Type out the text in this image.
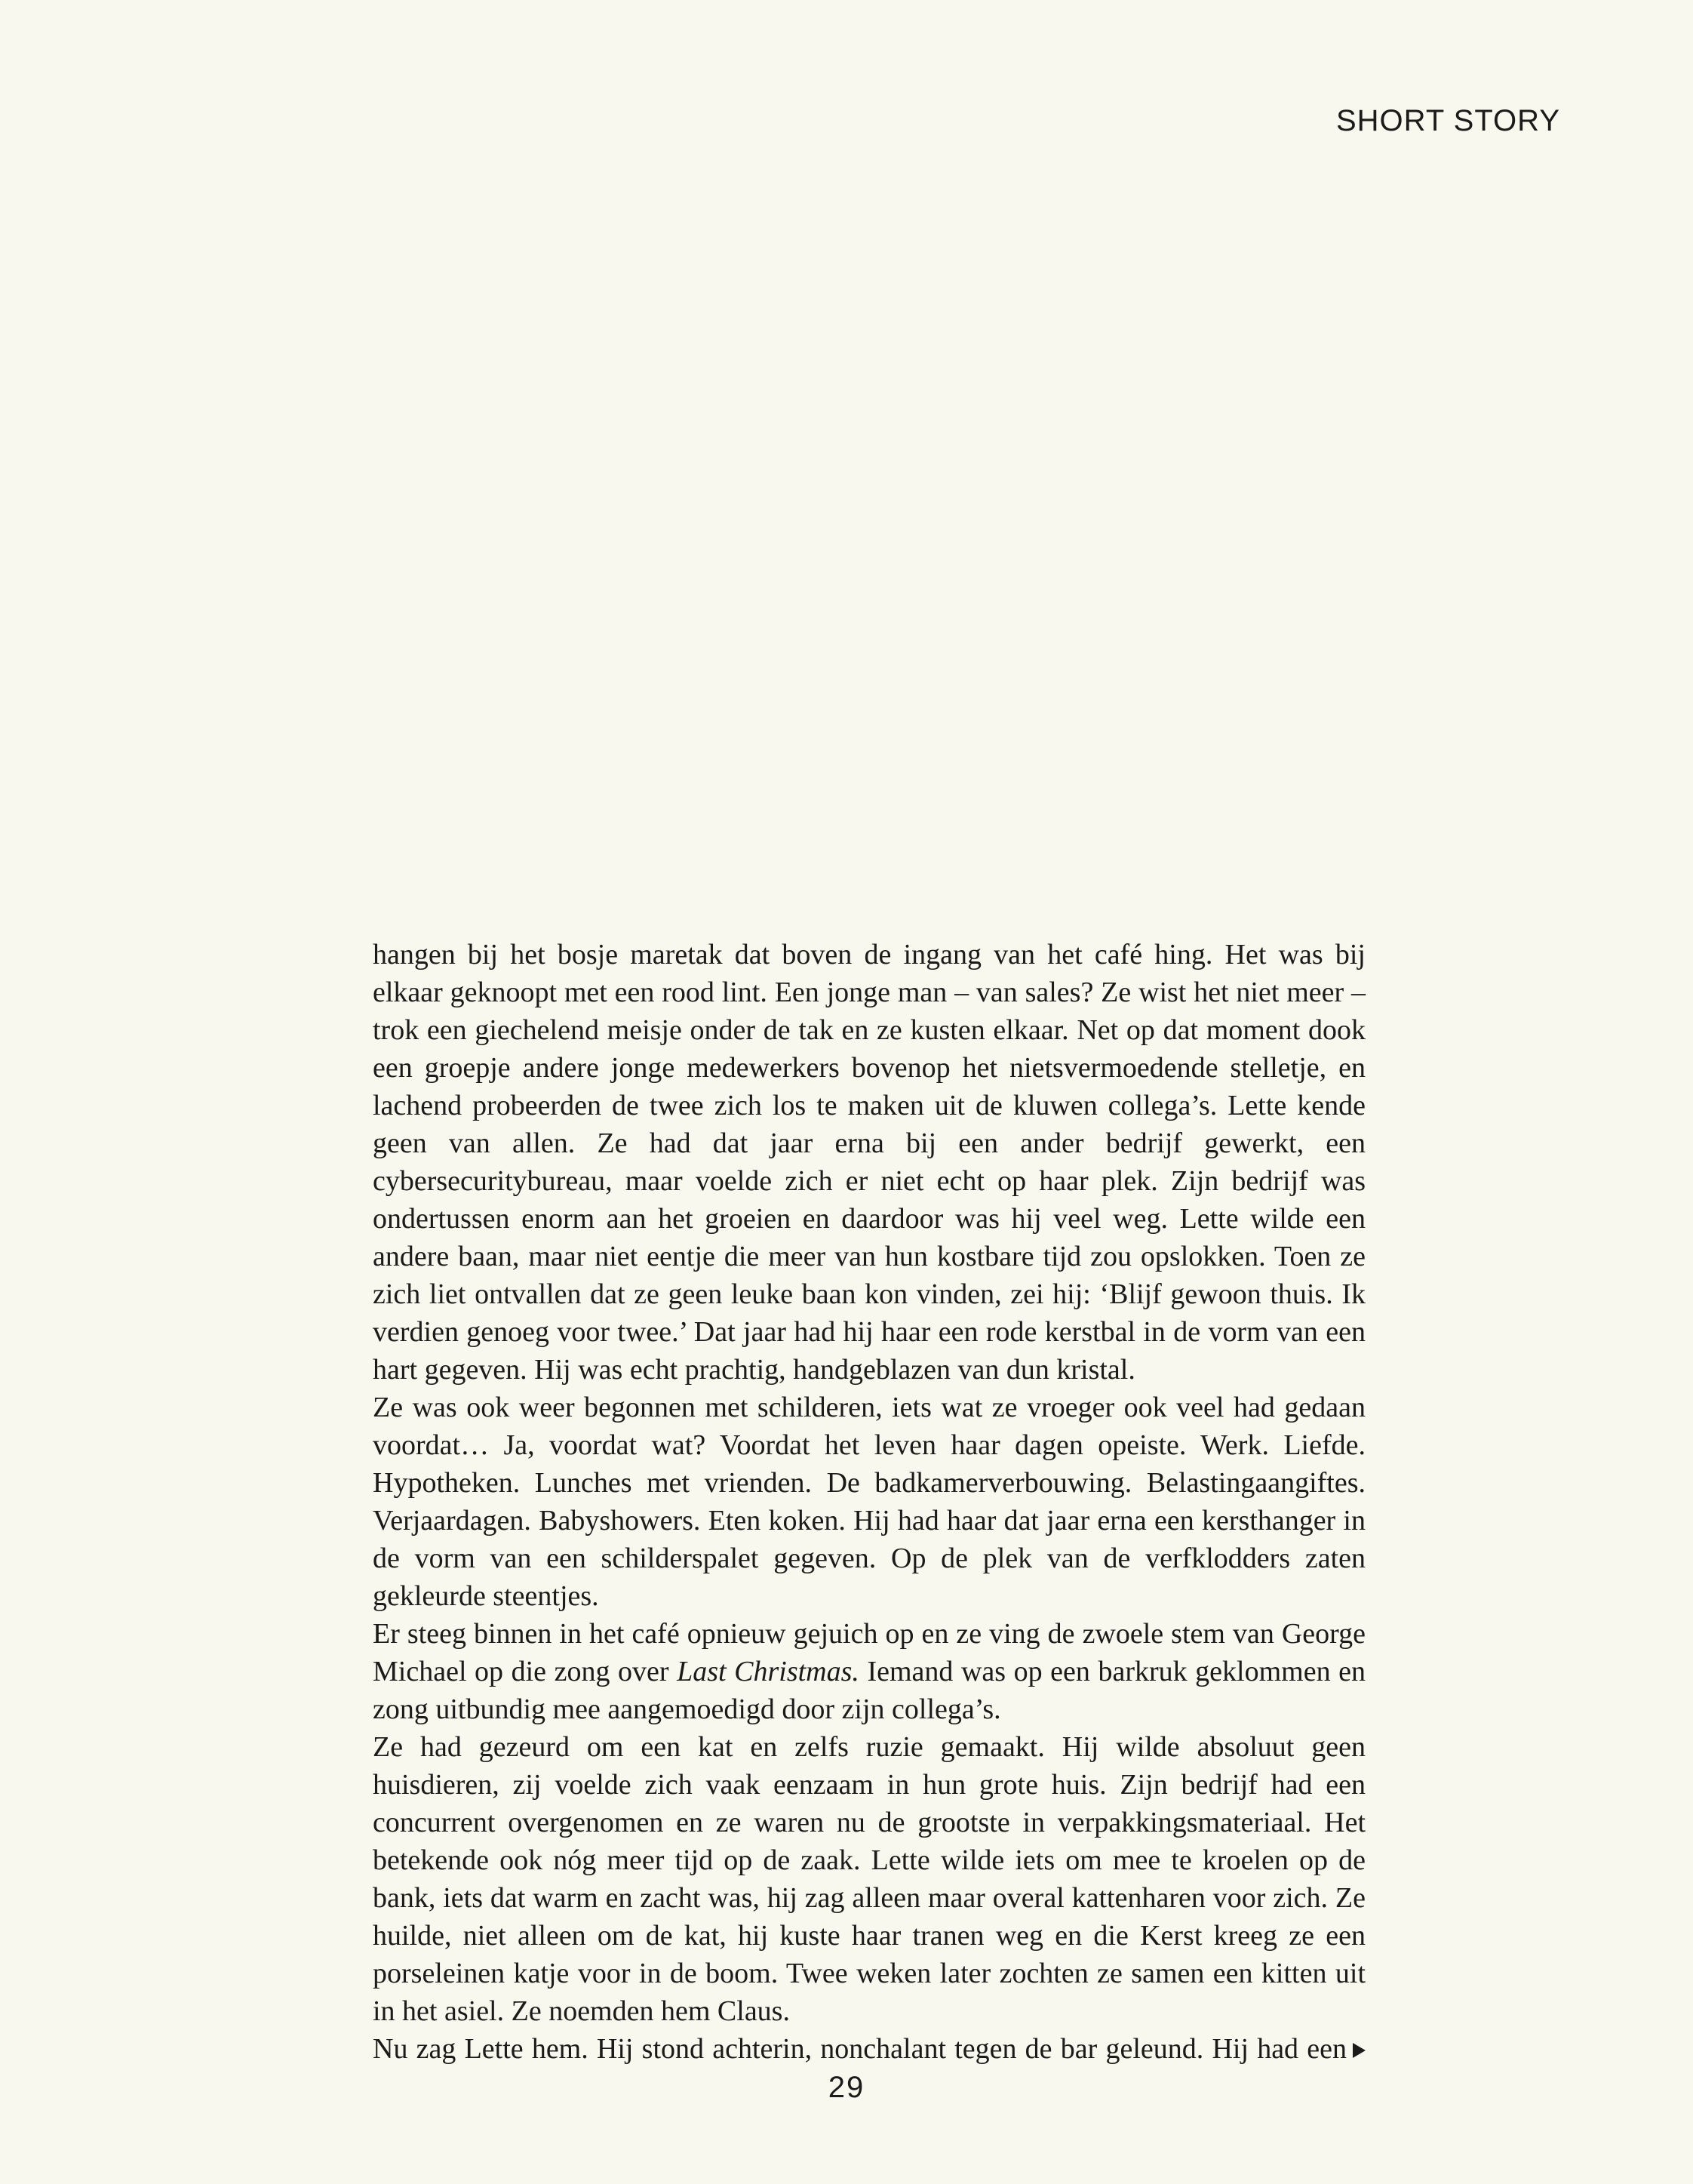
SHORT STORY

hangen bij het bosje maretak dat boven de ingang van het café hing. Het was bij elkaar geknoopt met een rood lint. Een jonge man – van sales? Ze wist het niet meer – trok een giechelend meisje onder de tak en ze kusten elkaar. Net op dat moment dook een groepje andere jonge medewerkers bovenop het nietsvermoedende stelletje, en lachend probeerden de twee zich los te maken uit de kluwen collega’s. Lette kende geen van allen. Ze had dat jaar erna bij een ander bedrijf gewerkt, een cybersecuritybureau, maar voelde zich er niet echt op haar plek. Zijn bedrijf was ondertussen enorm aan het groeien en daardoor was hij veel weg. Lette wilde een andere baan, maar niet eentje die meer van hun kostbare tijd zou opslokken. Toen ze zich liet ontvallen dat ze geen leuke baan kon vinden, zei hij: ‘Blijf gewoon thuis. Ik verdien genoeg voor twee.’ Dat jaar had hij haar een rode kerstbal in de vorm van een hart gegeven. Hij was echt prachtig, handgeblazen van dun kristal.

Ze was ook weer begonnen met schilderen, iets wat ze vroeger ook veel had gedaan voordat… Ja, voordat wat? Voordat het leven haar dagen opeiste. Werk. Liefde. Hypotheken. Lunches met vrienden. De badkamerverbouwing. Belastingaangiftes. Verjaardagen. Babyshowers. Eten koken. Hij had haar dat jaar erna een kersthanger in de vorm van een schilderspalet gegeven. Op de plek van de verfklodders zaten gekleurde steentjes.

Er steeg binnen in het café opnieuw gejuich op en ze ving de zwoele stem van George Michael op die zong over Last Christmas. Iemand was op een barkruk geklommen en zong uitbundig mee aangemoedigd door zijn collega’s.

Ze had gezeurd om een kat en zelfs ruzie gemaakt. Hij wilde absoluut geen huisdieren, zij voelde zich vaak eenzaam in hun grote huis. Zijn bedrijf had een concurrent overgenomen en ze waren nu de grootste in verpakkingsmateriaal. Het betekende ook nóg meer tijd op de zaak. Lette wilde iets om mee te kroelen op de bank, iets dat warm en zacht was, hij zag alleen maar overal kattenharen voor zich. Ze huilde, niet alleen om de kat, hij kuste haar tranen weg en die Kerst kreeg ze een porseleinen katje voor in de boom. Twee weken later zochten ze samen een kitten uit in het asiel. Ze noemden hem Claus.

Nu zag Lette hem. Hij stond achterin, nonchalant tegen de bar geleund. Hij had een

29
